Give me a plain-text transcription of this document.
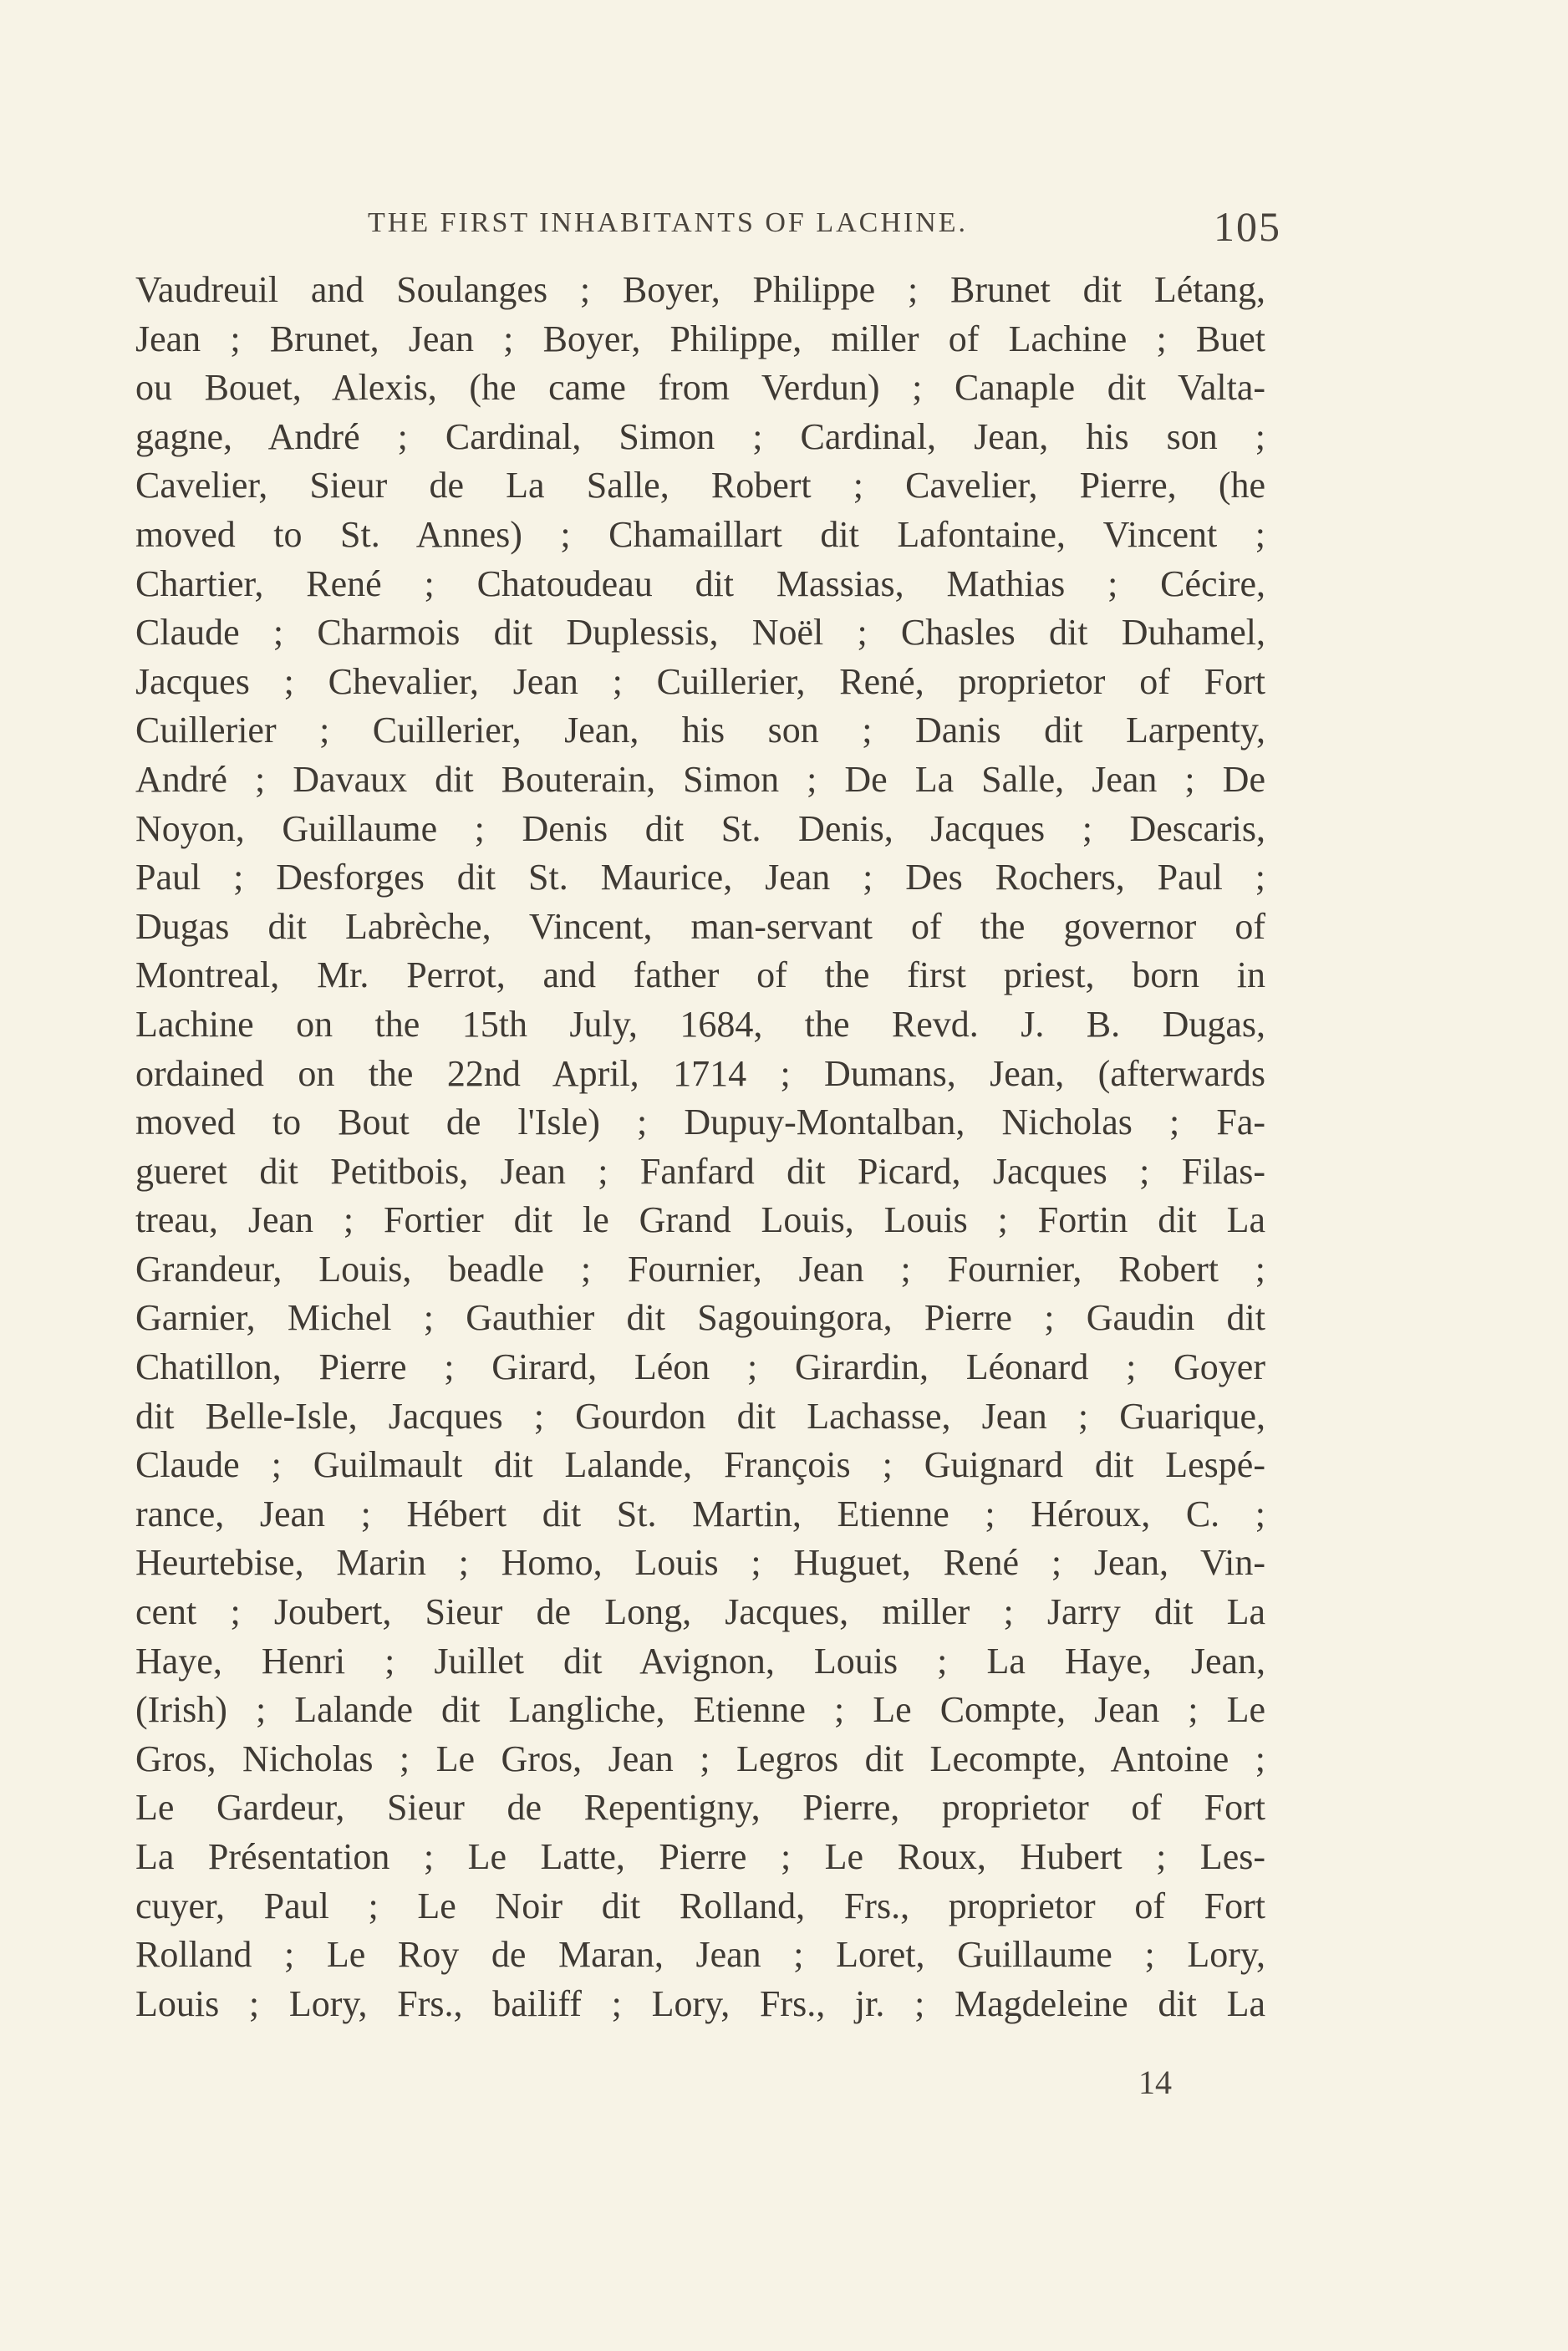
THE FIRST INHABITANTS OF LACHINE.	105
Vaudreuil and Soulanges ; Boyer, Philippe ; Brunet dit Létang,
Jean ; Brunet, Jean ; Boyer, Philippe, miller of Lachine ; Buet
ou Bouet, Alexis, (he came from Verdun) ; Canaple dit Valta-
gagne, André ; Cardinal, Simon ; Cardinal, Jean, his son ;
Cavelier, Sieur de La Salle, Robert ; Cavelier, Pierre, (he
moved to St. Annes) ; Chamaillart dit Lafontaine, Vincent ;
Chartier, René ; Chatoudeau dit Massias, Mathias ; Cécire,
Claude ; Charmois dit Duplessis, Noël ; Chasles dit Duhamel,
Jacques ; Chevalier, Jean ; Cuillerier, René, proprietor of Fort
Cuillerier ; Cuillerier, Jean, his son ; Danis dit Larpenty,
André ; Davaux dit Bouterain, Simon ; De La Salle, Jean ; De
Noyon, Guillaume ; Denis dit St. Denis, Jacques ; Descaris,
Paul ; Desforges dit St. Maurice, Jean ; Des Rochers, Paul ;
Dugas dit Labrèche, Vincent, man-servant of the governor of
Montreal, Mr. Perrot, and father of the first priest, born in
Lachine on the 15th July, 1684, the Revd. J. B. Dugas,
ordained on the 22nd April, 1714 ; Dumans, Jean, (afterwards
moved to Bout de l'Isle) ; Dupuy-Montalban, Nicholas ; Fa-
gueret dit Petitbois, Jean ; Fanfard dit Picard, Jacques ; Filas-
treau, Jean ; Fortier dit le Grand Louis, Louis ; Fortin dit La
Grandeur, Louis, beadle ; Fournier, Jean ; Fournier, Robert ;
Garnier, Michel ; Gauthier dit Sagouingora, Pierre ; Gaudin dit
Chatillon, Pierre ; Girard, Léon ; Girardin, Léonard ; Goyer
dit Belle-Isle, Jacques ; Gourdon dit Lachasse, Jean ; Guarique,
Claude ; Guilmault dit Lalande, François ; Guignard dit Lespé-
rance, Jean ; Hébert dit St. Martin, Etienne ; Héroux, C. ;
Heurtebise, Marin ; Homo, Louis ; Huguet, René ; Jean, Vin-
cent ; Joubert, Sieur de Long, Jacques, miller ; Jarry dit La
Haye, Henri ; Juillet dit Avignon, Louis ; La Haye, Jean,
(Irish) ; Lalande dit Langliche, Etienne ; Le Compte, Jean ; Le
Gros, Nicholas ; Le Gros, Jean ; Legros dit Lecompte, Antoine ;
Le Gardeur, Sieur de Repentigny, Pierre, proprietor of Fort
La Présentation ; Le Latte, Pierre ; Le Roux, Hubert ; Les-
cuyer, Paul ; Le Noir dit Rolland, Frs., proprietor of Fort
Rolland ; Le Roy de Maran, Jean ; Loret, Guillaume ; Lory,
Louis ; Lory, Frs., bailiff ; Lory, Frs., jr. ; Magdeleine dit La
14
